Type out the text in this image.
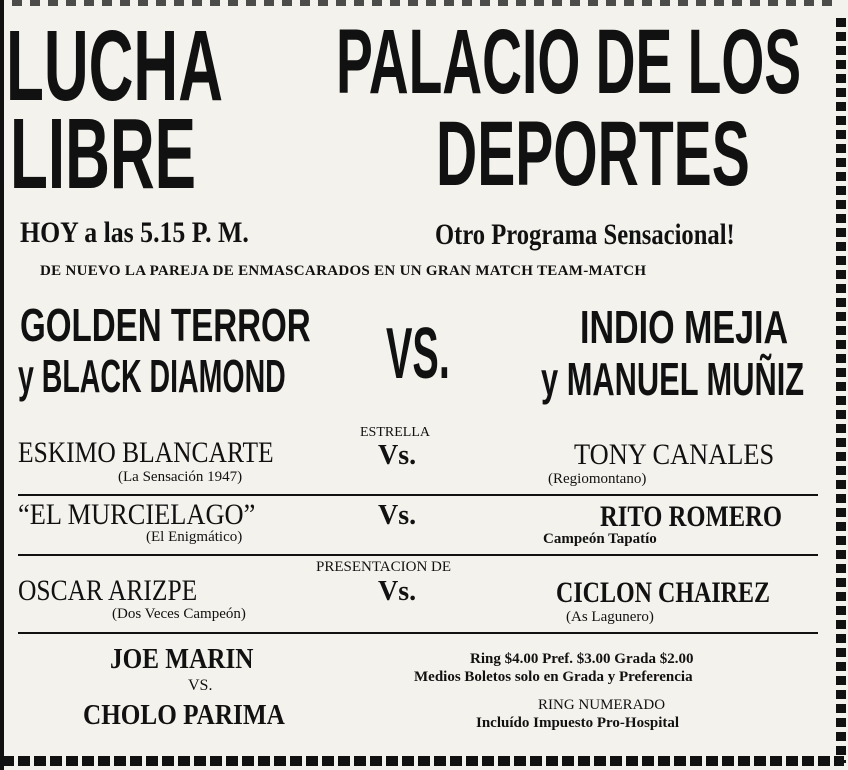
LUCHA
LIBRE
PALACIO DE LOS
DEPORTES
HOY a las 5.15 P. M.	Otro Programa Sensacional!
DE NUEVO LA PAREJA DE ENMASCARADOS EN UN GRAN MATCH TEAM-MATCH
GOLDEN TERROR
y BLACK DIAMOND VS.	INDIO MEJIA
y MANUEL MUÑIZ
ESTRELLA
ESKIMO BLANCARTE
(La Sensación 1947)
Vs.	TONY CANALES
(Regiomontano)
“EL MURCIELAGO”
(El Enigmático)
Vs.	RITO ROMERO
Campeón Tapatío
PRESENTACION DE
OSCAR ARIZPE
(Dos Veces Campeón)
Vs.	CICLON CHAIREZ
(As Lagunero)
JOE MARIN
VS.
CHOLO PARIMA
Ring $4.00 Pref. $3.00 Grada $2.00
Medios Boletos solo en Grada y Preferencia
RING NUMERADO
Incluído Impuesto Pro-Hospital
